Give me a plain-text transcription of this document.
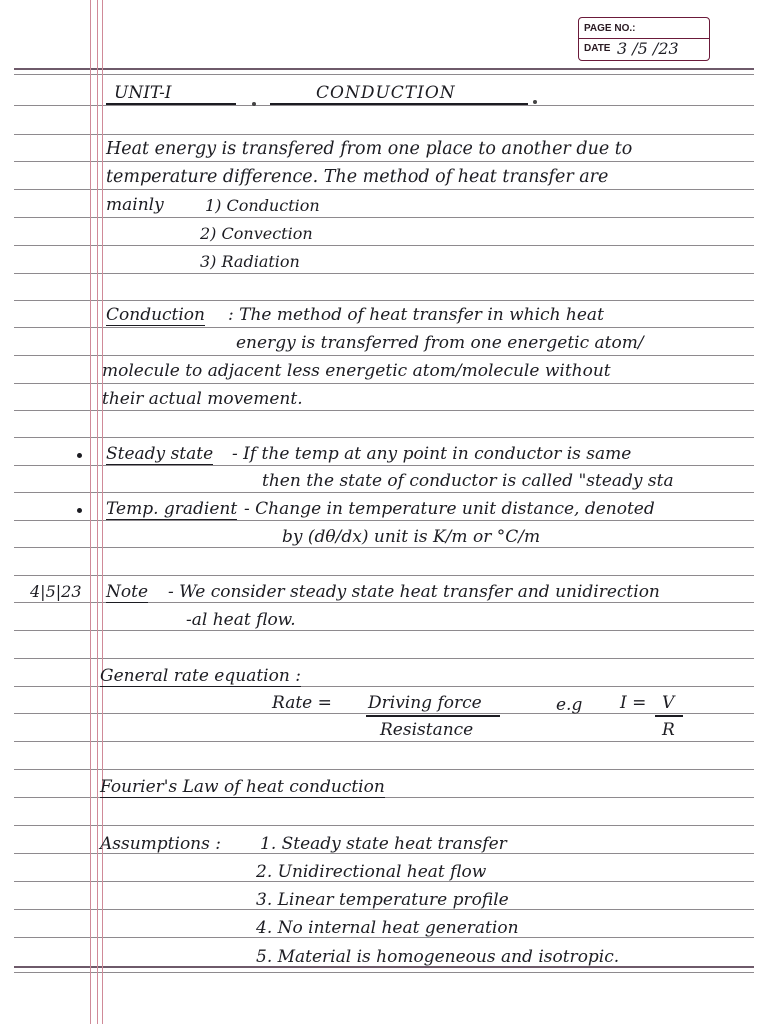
PAGE NO.:
DATE 3 /5 /23
UNIT-I	CONDUCTION
Heat energy is transfered from one place to another due to
temperature difference. The method of heat transfer are
mainly	1) Conduction
2) Convection
3) Radiation
Conduction : The method of heat transfer in which heat
energy is transferred from one energetic atom/
molecule to adjacent less energetic atom/molecule without
their actual movement.
Steady state - If the temp at any point in conductor is same
then the state of conductor is called "steady sta
Temp. gradient - Change in temperature unit distance, denoted
by (dθ/dx) unit is K/m or °C/m
4|5|23 Note - We consider steady state heat transfer and unidirection
-al heat flow.
General rate equation :
Rate = Driving force
Resistance
e.g I = V
R
Fourier's Law of heat conduction
Assumptions : 1. Steady state heat transfer
2. Unidirectional heat flow
3. Linear temperature profile
4. No internal heat generation
5. Material is homogeneous and isotropic.
